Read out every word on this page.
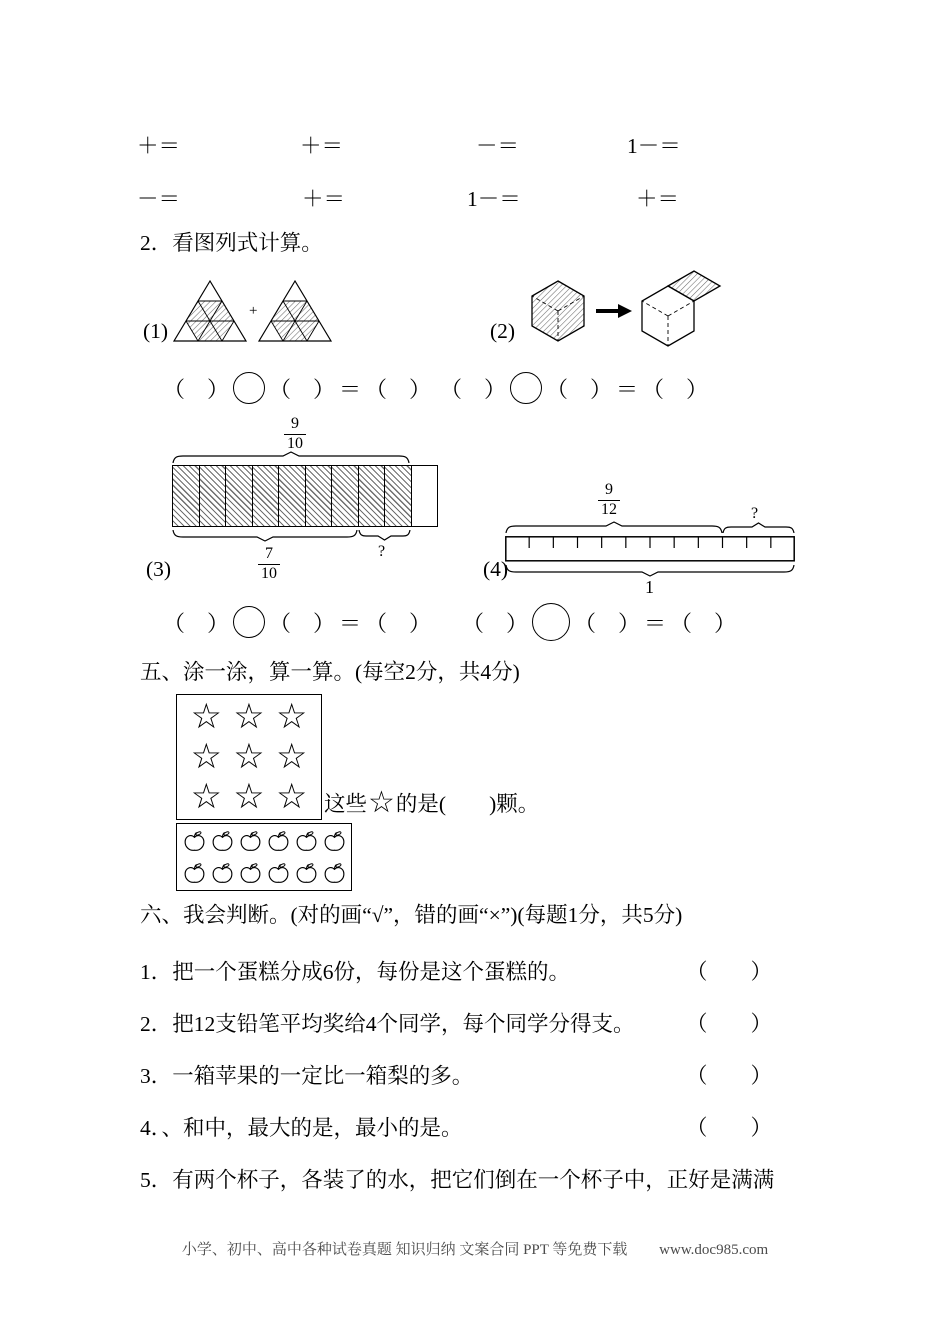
＋＝	＋＝	－＝	1－＝
－＝	＋＝	1－＝	＋＝
2．看图列式计算。
(1)
+
(2)
（　） （　） ＝ （　） （　） （　） ＝ （　）
$\frac{9}{10}$
$\frac{7}{10}$	?
(3)
$\frac{9}{12}$	?
1
(4)
（　） （　） ＝ （　） （　） （　） ＝ （　）
五、涂一涂，算一算。(每空2分，共4分)
☆ ☆ ☆
☆ ☆ ☆
☆ ☆ ☆ 这些 ☆ 的是(　　)颗。
六、我会判断。(对的画“√”，错的画“×”)(每题1分，共5分)
1．把一个蛋糕分成6份，每份是这个蛋糕的。	（　　）
2．把12支铅笔平均奖给4个同学，每个同学分得支。 （　　）
3．一箱苹果的一定比一箱梨的多。	（　　）
4．、和中，最大的是，最小的是。	（　　）
5．有两个杯子，各装了的水，把它们倒在一个杯子中，正好是满满
小学、初中、高中各种试卷真题 知识归纳 文案合同 PPT 等免费下载 www.doc985.com
